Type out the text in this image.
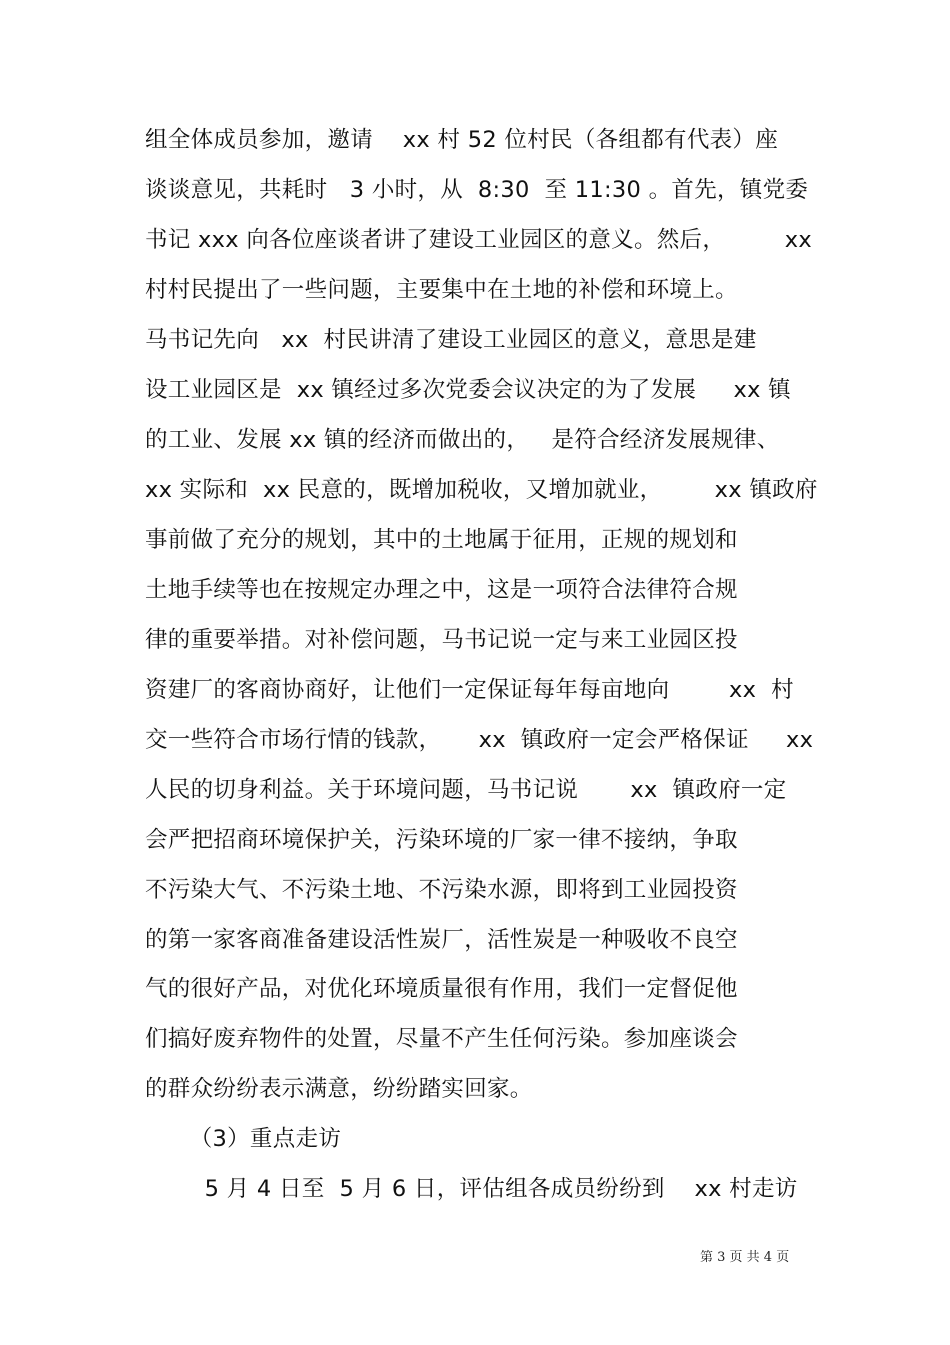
组全体成员参加，邀请    xx 村 52 位村民（各组都有代表）座
谈谈意见，共耗时   3 小时，从  8:30  至 11:30 。首先，镇党委
书记 xxx 向各位座谈者讲了建设工业园区的意义。然后，        xx
村村民提出了一些问题，主要集中在土地的补偿和环境上。
马书记先向   xx  村民讲清了建设工业园区的意义，意思是建
设工业园区是  xx 镇经过多次党委会议决定的为了发展     xx 镇
的工业、发展 xx 镇的经济而做出的，   是符合经济发展规律、
xx 实际和  xx 民意的，既增加税收，又增加就业，       xx 镇政府
事前做了充分的规划，其中的土地属于征用，正规的规划和
土地手续等也在按规定办理之中，这是一项符合法律符合规
律的重要举措。对补偿问题，马书记说一定与来工业园区投
资建厂的客商协商好，让他们一定保证每年每亩地向        xx  村
交一些符合市场行情的钱款，     xx  镇政府一定会严格保证     xx
人民的切身利益。关于环境问题，马书记说       xx  镇政府一定
会严把招商环境保护关，污染环境的厂家一律不接纳，争取
不污染大气、不污染土地、不污染水源，即将到工业园投资
的第一家客商准备建设活性炭厂，活性炭是一种吸收不良空
气的很好产品，对优化环境质量很有作用，我们一定督促他
们搞好废弃物件的处置，尽量不产生任何污染。参加座谈会
的群众纷纷表示满意，纷纷踏实回家。
（3）重点走访
5 月 4 日至  5 月 6 日，评估组各成员纷纷到    xx 村走访
第 3 页 共 4 页
